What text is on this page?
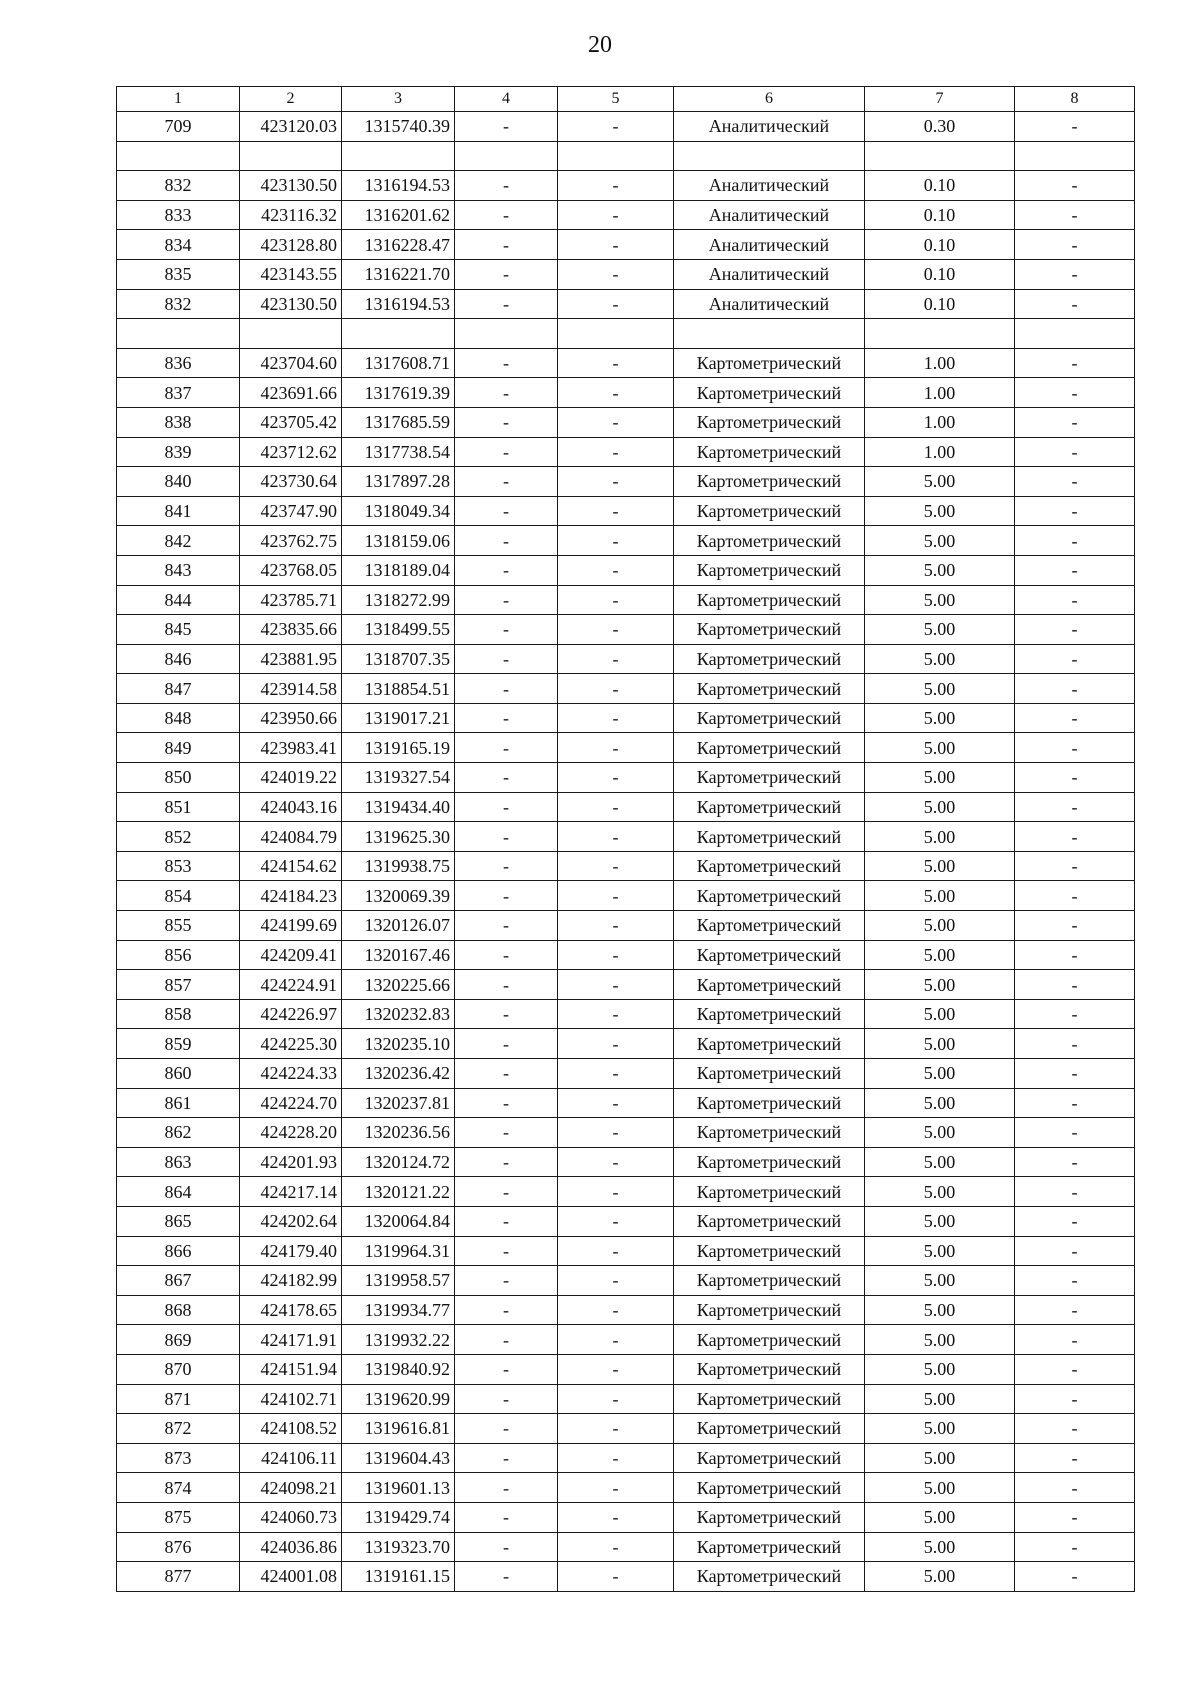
20
1	2	3	4	5	6	7	8
709	423120.03	1315740.39	-	-	Аналитический	0.30	-

832	423130.50	1316194.53	-	-	Аналитический	0.10	-
833	423116.32	1316201.62	-	-	Аналитический	0.10	-
834	423128.80	1316228.47	-	-	Аналитический	0.10	-
835	423143.55	1316221.70	-	-	Аналитический	0.10	-
832	423130.50	1316194.53	-	-	Аналитический	0.10	-

836	423704.60	1317608.71	-	-	Картометрический	1.00	-
837	423691.66	1317619.39	-	-	Картометрический	1.00	-
838	423705.42	1317685.59	-	-	Картометрический	1.00	-
839	423712.62	1317738.54	-	-	Картометрический	1.00	-
840	423730.64	1317897.28	-	-	Картометрический	5.00	-
841	423747.90	1318049.34	-	-	Картометрический	5.00	-
842	423762.75	1318159.06	-	-	Картометрический	5.00	-
843	423768.05	1318189.04	-	-	Картометрический	5.00	-
844	423785.71	1318272.99	-	-	Картометрический	5.00	-
845	423835.66	1318499.55	-	-	Картометрический	5.00	-
846	423881.95	1318707.35	-	-	Картометрический	5.00	-
847	423914.58	1318854.51	-	-	Картометрический	5.00	-
848	423950.66	1319017.21	-	-	Картометрический	5.00	-
849	423983.41	1319165.19	-	-	Картометрический	5.00	-
850	424019.22	1319327.54	-	-	Картометрический	5.00	-
851	424043.16	1319434.40	-	-	Картометрический	5.00	-
852	424084.79	1319625.30	-	-	Картометрический	5.00	-
853	424154.62	1319938.75	-	-	Картометрический	5.00	-
854	424184.23	1320069.39	-	-	Картометрический	5.00	-
855	424199.69	1320126.07	-	-	Картометрический	5.00	-
856	424209.41	1320167.46	-	-	Картометрический	5.00	-
857	424224.91	1320225.66	-	-	Картометрический	5.00	-
858	424226.97	1320232.83	-	-	Картометрический	5.00	-
859	424225.30	1320235.10	-	-	Картометрический	5.00	-
860	424224.33	1320236.42	-	-	Картометрический	5.00	-
861	424224.70	1320237.81	-	-	Картометрический	5.00	-
862	424228.20	1320236.56	-	-	Картометрический	5.00	-
863	424201.93	1320124.72	-	-	Картометрический	5.00	-
864	424217.14	1320121.22	-	-	Картометрический	5.00	-
865	424202.64	1320064.84	-	-	Картометрический	5.00	-
866	424179.40	1319964.31	-	-	Картометрический	5.00	-
867	424182.99	1319958.57	-	-	Картометрический	5.00	-
868	424178.65	1319934.77	-	-	Картометрический	5.00	-
869	424171.91	1319932.22	-	-	Картометрический	5.00	-
870	424151.94	1319840.92	-	-	Картометрический	5.00	-
871	424102.71	1319620.99	-	-	Картометрический	5.00	-
872	424108.52	1319616.81	-	-	Картометрический	5.00	-
873	424106.11	1319604.43	-	-	Картометрический	5.00	-
874	424098.21	1319601.13	-	-	Картометрический	5.00	-
875	424060.73	1319429.74	-	-	Картометрический	5.00	-
876	424036.86	1319323.70	-	-	Картометрический	5.00	-
877	424001.08	1319161.15	-	-	Картометрический	5.00	-
